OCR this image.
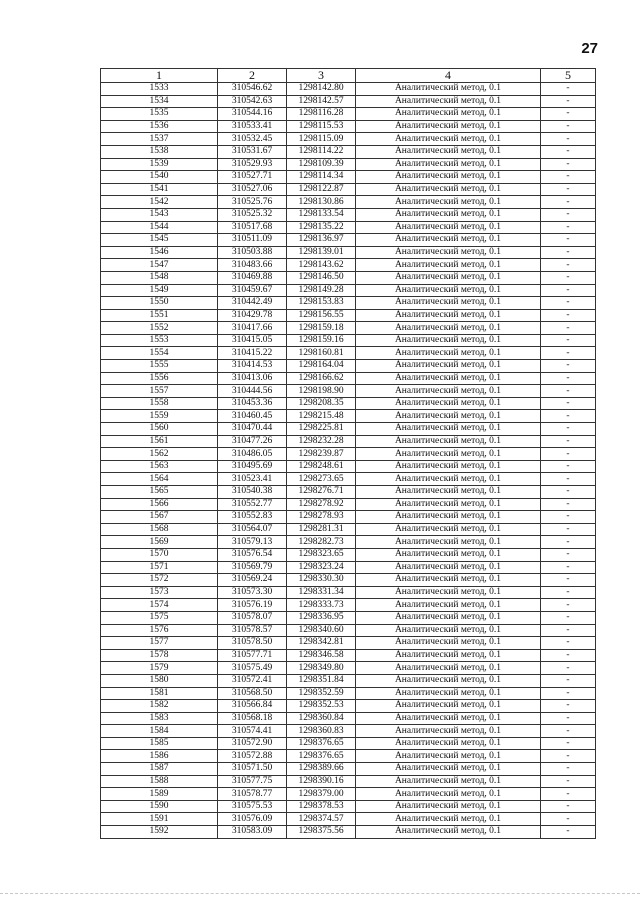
27
1	2	3	4	5
1533	310546.62	1298142.80	Аналитический метод, 0.1	-
1534	310542.63	1298142.57	Аналитический метод, 0.1	-
1535	310544.16	1298116.28	Аналитический метод, 0.1	-
1536	310533.41	1298115.53	Аналитический метод, 0.1	-
1537	310532.45	1298115.09	Аналитический метод, 0.1	-
1538	310531.67	1298114.22	Аналитический метод, 0.1	-
1539	310529.93	1298109.39	Аналитический метод, 0.1	-
1540	310527.71	1298114.34	Аналитический метод, 0.1	-
1541	310527.06	1298122.87	Аналитический метод, 0.1	-
1542	310525.76	1298130.86	Аналитический метод, 0.1	-
1543	310525.32	1298133.54	Аналитический метод, 0.1	-
1544	310517.68	1298135.22	Аналитический метод, 0.1	-
1545	310511.09	1298136.97	Аналитический метод, 0.1	-
1546	310503.88	1298139.01	Аналитический метод, 0.1	-
1547	310483.66	1298143.62	Аналитический метод, 0.1	-
1548	310469.88	1298146.50	Аналитический метод, 0.1	-
1549	310459.67	1298149.28	Аналитический метод, 0.1	-
1550	310442.49	1298153.83	Аналитический метод, 0.1	-
1551	310429.78	1298156.55	Аналитический метод, 0.1	-
1552	310417.66	1298159.18	Аналитический метод, 0.1	-
1553	310415.05	1298159.16	Аналитический метод, 0.1	-
1554	310415.22	1298160.81	Аналитический метод, 0.1	-
1555	310414.53	1298164.04	Аналитический метод, 0.1	-
1556	310413.06	1298166.62	Аналитический метод, 0.1	-
1557	310444.56	1298198.90	Аналитический метод, 0.1	-
1558	310453.36	1298208.35	Аналитический метод, 0.1	-
1559	310460.45	1298215.48	Аналитический метод, 0.1	-
1560	310470.44	1298225.81	Аналитический метод, 0.1	-
1561	310477.26	1298232.28	Аналитический метод, 0.1	-
1562	310486.05	1298239.87	Аналитический метод, 0.1	-
1563	310495.69	1298248.61	Аналитический метод, 0.1	-
1564	310523.41	1298273.65	Аналитический метод, 0.1	-
1565	310540.38	1298276.71	Аналитический метод, 0.1	-
1566	310552.77	1298278.92	Аналитический метод, 0.1	-
1567	310552.83	1298278.93	Аналитический метод, 0.1	-
1568	310564.07	1298281.31	Аналитический метод, 0.1	-
1569	310579.13	1298282.73	Аналитический метод, 0.1	-
1570	310576.54	1298323.65	Аналитический метод, 0.1	-
1571	310569.79	1298323.24	Аналитический метод, 0.1	-
1572	310569.24	1298330.30	Аналитический метод, 0.1	-
1573	310573.30	1298331.34	Аналитический метод, 0.1	-
1574	310576.19	1298333.73	Аналитический метод, 0.1	-
1575	310578.07	1298336.95	Аналитический метод, 0.1	-
1576	310578.57	1298340.60	Аналитический метод, 0.1	-
1577	310578.50	1298342.81	Аналитический метод, 0.1	-
1578	310577.71	1298346.58	Аналитический метод, 0.1	-
1579	310575.49	1298349.80	Аналитический метод, 0.1	-
1580	310572.41	1298351.84	Аналитический метод, 0.1	-
1581	310568.50	1298352.59	Аналитический метод, 0.1	-
1582	310566.84	1298352.53	Аналитический метод, 0.1	-
1583	310568.18	1298360.84	Аналитический метод, 0.1	-
1584	310574.41	1298360.83	Аналитический метод, 0.1	-
1585	310572.90	1298376.65	Аналитический метод, 0.1	-
1586	310572.88	1298376.65	Аналитический метод, 0.1	-
1587	310571.50	1298389.66	Аналитический метод, 0.1	-
1588	310577.75	1298390.16	Аналитический метод, 0.1	-
1589	310578.77	1298379.00	Аналитический метод, 0.1	-
1590	310575.53	1298378.53	Аналитический метод, 0.1	-
1591	310576.09	1298374.57	Аналитический метод, 0.1	-
1592	310583.09	1298375.56	Аналитический метод, 0.1	-
